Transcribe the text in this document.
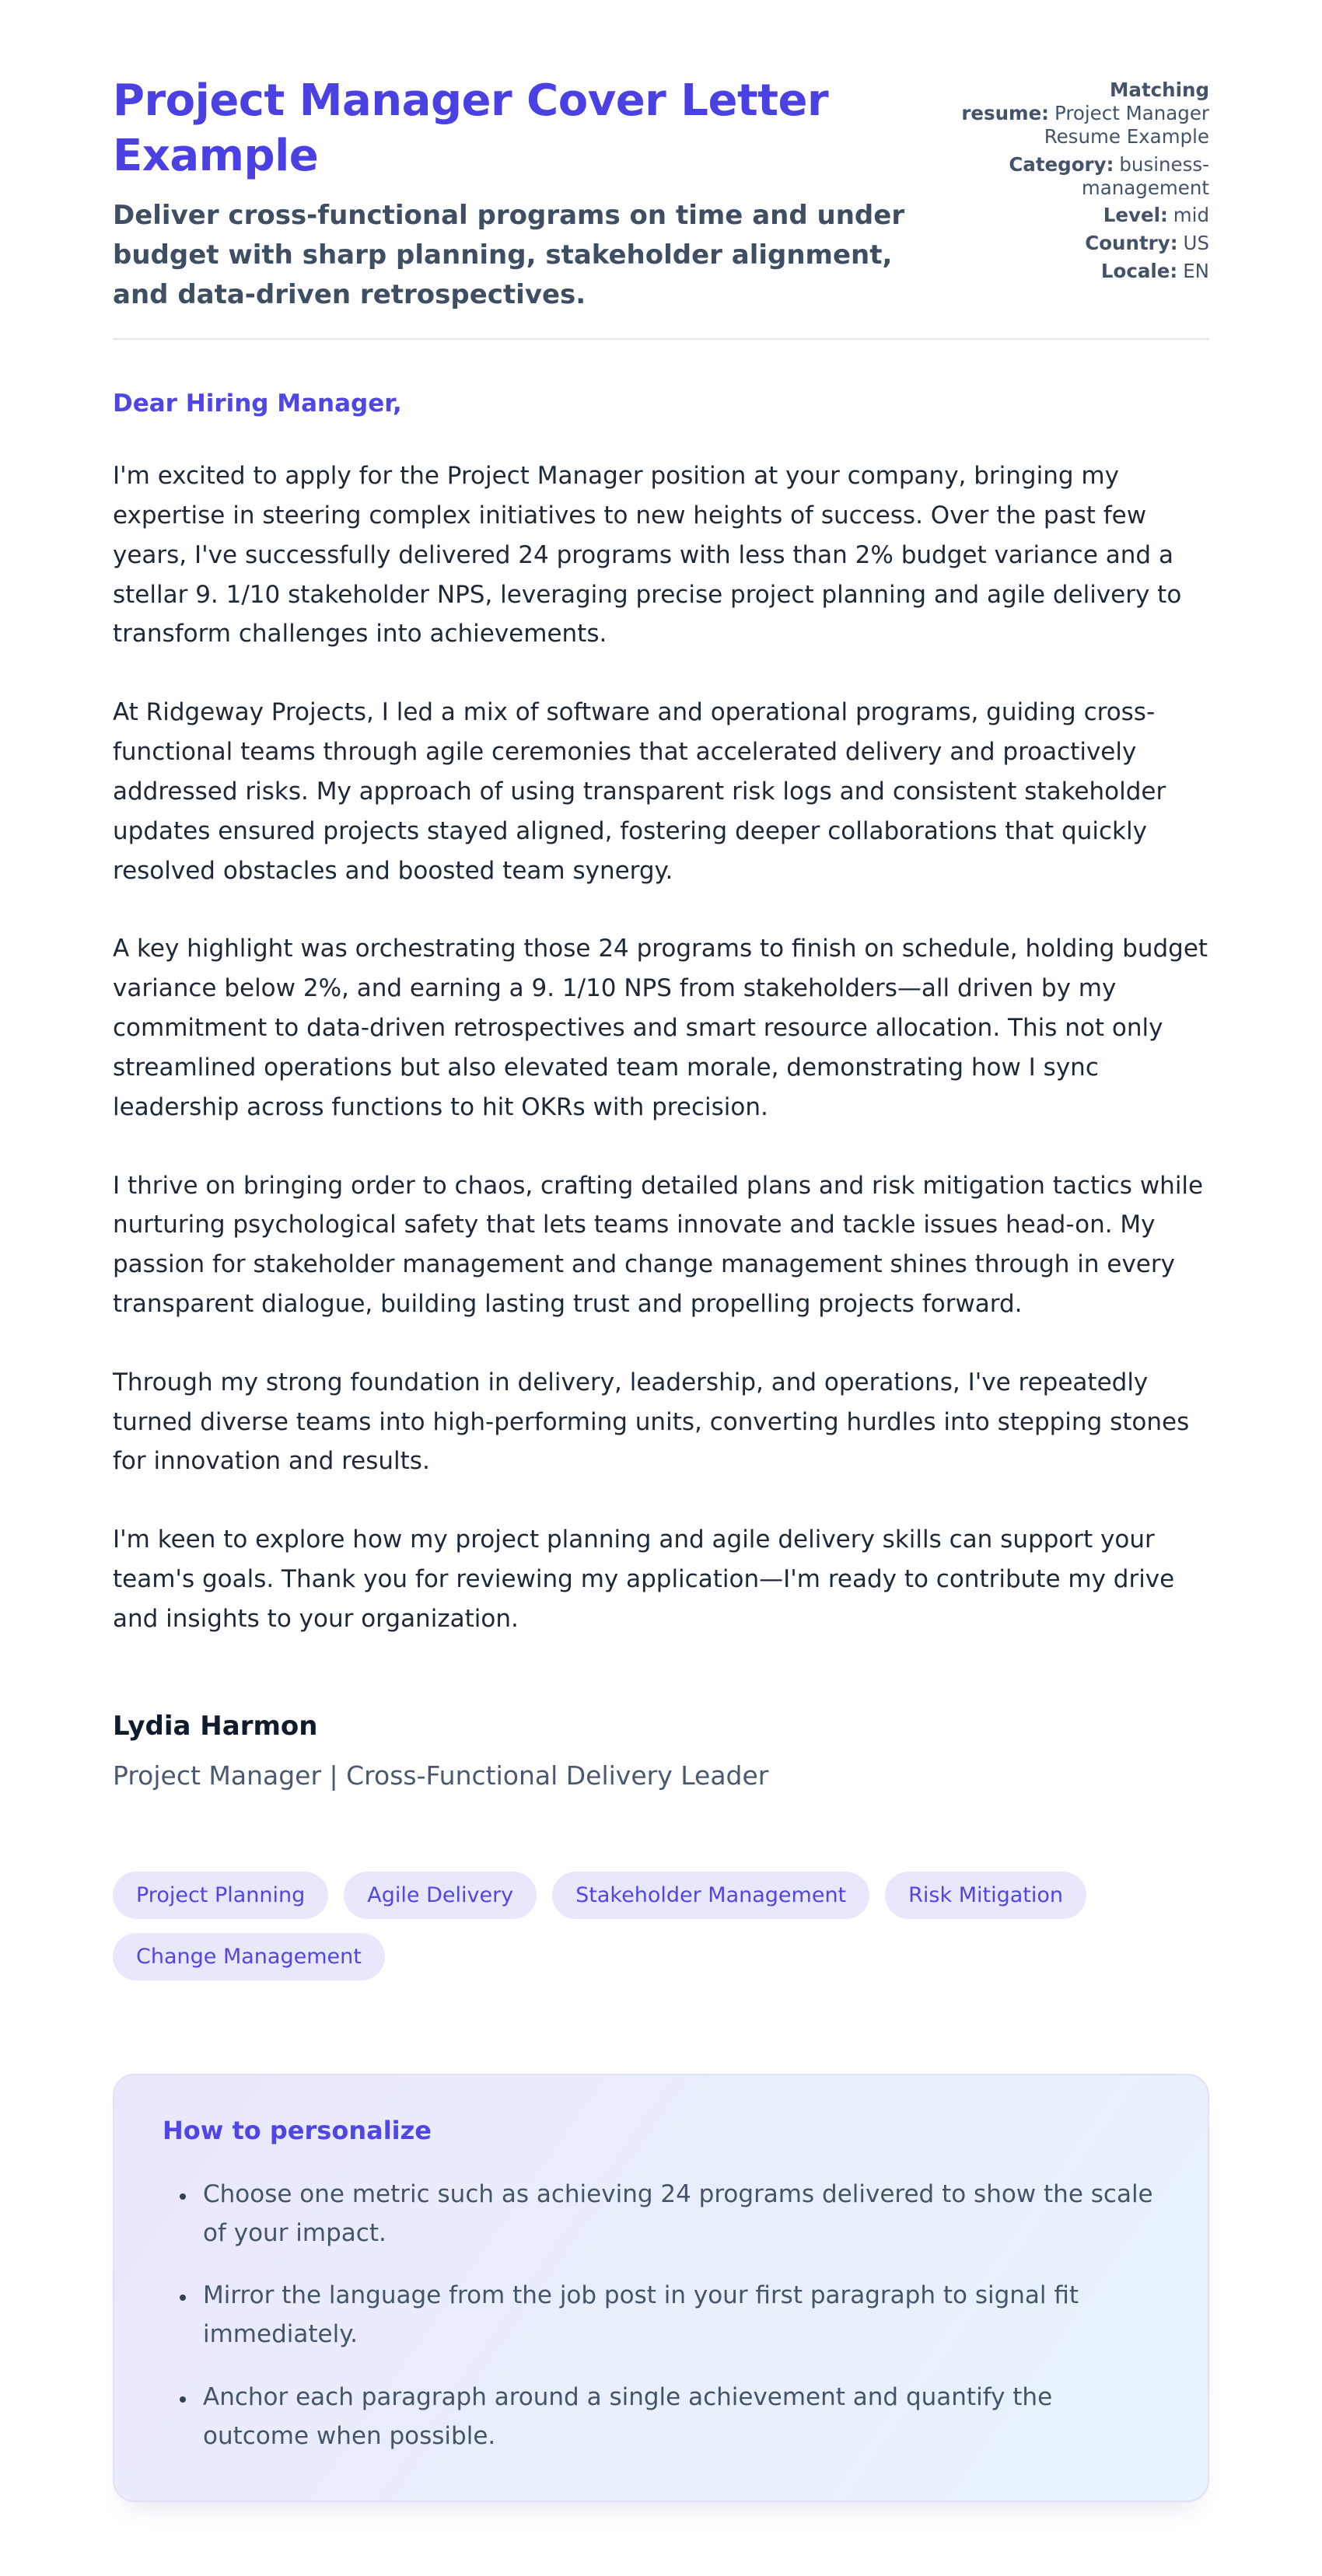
Project Manager Cover Letter Example

Deliver cross-functional programs on time and under budget with sharp planning, stakeholder alignment, and data-driven retrospectives.

Matching resume: Project Manager Resume Example
Category: business-management
Level: mid
Country: US
Locale: EN

Dear Hiring Manager,

I'm excited to apply for the Project Manager position at your company, bringing my expertise in steering complex initiatives to new heights of success. Over the past few years, I've successfully delivered 24 programs with less than 2% budget variance and a stellar 9. 1/10 stakeholder NPS, leveraging precise project planning and agile delivery to transform challenges into achievements.

At Ridgeway Projects, I led a mix of software and operational programs, guiding cross-functional teams through agile ceremonies that accelerated delivery and proactively addressed risks. My approach of using transparent risk logs and consistent stakeholder updates ensured projects stayed aligned, fostering deeper collaborations that quickly resolved obstacles and boosted team synergy.

A key highlight was orchestrating those 24 programs to finish on schedule, holding budget variance below 2%, and earning a 9. 1/10 NPS from stakeholders—all driven by my commitment to data-driven retrospectives and smart resource allocation. This not only streamlined operations but also elevated team morale, demonstrating how I sync leadership across functions to hit OKRs with precision.

I thrive on bringing order to chaos, crafting detailed plans and risk mitigation tactics while nurturing psychological safety that lets teams innovate and tackle issues head-on. My passion for stakeholder management and change management shines through in every transparent dialogue, building lasting trust and propelling projects forward.

Through my strong foundation in delivery, leadership, and operations, I've repeatedly turned diverse teams into high-performing units, converting hurdles into stepping stones for innovation and results.

I'm keen to explore how my project planning and agile delivery skills can support your team's goals. Thank you for reviewing my application—I'm ready to contribute my drive and insights to your organization.

Lydia Harmon
Project Manager | Cross-Functional Delivery Leader
Project Planning	Agile Delivery	Stakeholder Management	Risk Mitigation
Change Management
How to personalize
• Choose one metric such as achieving 24 programs delivered to show the scale of your impact.
• Mirror the language from the job post in your first paragraph to signal fit immediately.
• Anchor each paragraph around a single achievement and quantify the outcome when possible.
